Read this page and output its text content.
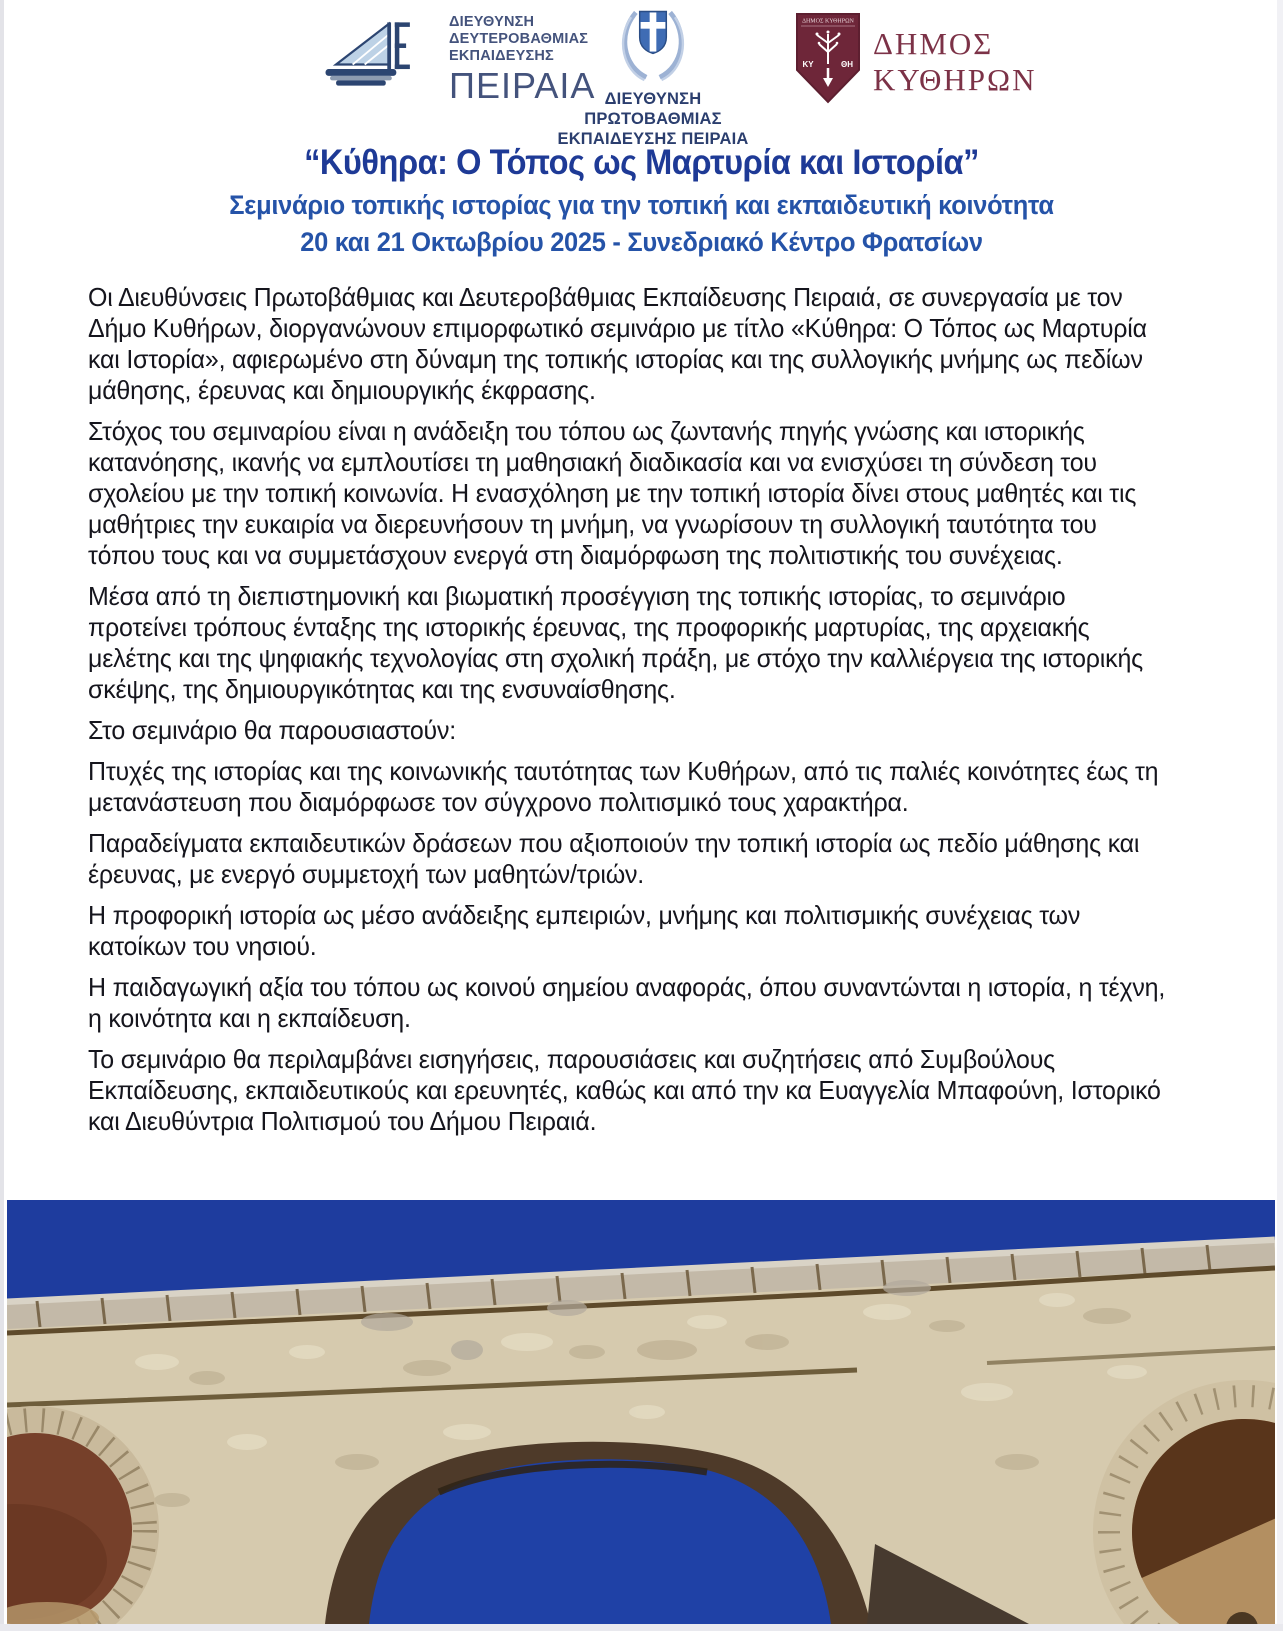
ΔΙΕΥΘΥΝΣΗ
ΔΕΥΤΕΡΟΒΑΘΜΙΑΣ
ΕΚΠΑΙΔΕΥΣΗΣ
ΠΕΙΡΑΙΑ ΔΙΕΥΘΥΝΣΗ ΠΡΩΤΟΒΑΘΜΙΑΣ
ΕΚΠΑΙΔΕΥΣΗΣ ΠΕΙΡΑΙΑ
ΔΗΜΟΣ ΚΥΘΗΡΩΝ
ΚΥ	ΘΗ
ΔΗΜΟΣ
ΚΥΘΗΡΩΝ
“Κύθηρα: Ο Τόπος ως Μαρτυρία και Ιστορία”

Σεμινάριο τοπικής ιστορίας για την τοπική και εκπαιδευτική κοινότητα

20 και 21 Οκτωβρίου 2025 - Συνεδριακό Κέντρο Φρατσίων

Οι Διευθύνσεις Πρωτοβάθμιας και Δευτεροβάθμιας Εκπαίδευσης Πειραιά, σε συνεργασία με τον Δήμο Κυθήρων, διοργανώνουν επιμορφωτικό σεμινάριο με τίτλο «Κύθηρα: Ο Τόπος ως Μαρτυρία και Ιστορία», αφιερωμένο στη δύναμη της τοπικής ιστορίας και της συλλογικής μνήμης ως πεδίων μάθησης, έρευνας και δημιουργικής έκφρασης.

Στόχος του σεμιναρίου είναι η ανάδειξη του τόπου ως ζωντανής πηγής γνώσης και ιστορικής κατανόησης, ικανής να εμπλουτίσει τη μαθησιακή διαδικασία και να ενισχύσει τη σύνδεση του σχολείου με την τοπική κοινωνία. Η ενασχόληση με την τοπική ιστορία δίνει στους μαθητές και τις μαθήτριες την ευκαιρία να διερευνήσουν τη μνήμη, να γνωρίσουν τη συλλογική ταυτότητα του τόπου τους και να συμμετάσχουν ενεργά στη διαμόρφωση της πολιτιστικής του συνέχειας.

Μέσα από τη διεπιστημονική και βιωματική προσέγγιση της τοπικής ιστορίας, το σεμινάριο προτείνει τρόπους ένταξης της ιστορικής έρευνας, της προφορικής μαρτυρίας, της αρχειακής μελέτης και της ψηφιακής τεχνολογίας στη σχολική πράξη, με στόχο την καλλιέργεια της ιστορικής σκέψης, της δημιουργικότητας και της ενσυναίσθησης.

Στο σεμινάριο θα παρουσιαστούν:

Πτυχές της ιστορίας και της κοινωνικής ταυτότητας των Κυθήρων, από τις παλιές κοινότητες έως τη μετανάστευση που διαμόρφωσε τον σύγχρονο πολιτισμικό τους χαρακτήρα.

Παραδείγματα εκπαιδευτικών δράσεων που αξιοποιούν την τοπική ιστορία ως πεδίο μάθησης και έρευνας, με ενεργό συμμετοχή των μαθητών/τριών.

Η προφορική ιστορία ως μέσο ανάδειξης εμπειριών, μνήμης και πολιτισμικής συνέχειας των κατοίκων του νησιού.

Η παιδαγωγική αξία του τόπου ως κοινού σημείου αναφοράς, όπου συναντώνται η ιστορία, η τέχνη, η κοινότητα και η εκπαίδευση.

Το σεμινάριο θα περιλαμβάνει εισηγήσεις, παρουσιάσεις και συζητήσεις από Συμβούλους Εκπαίδευσης, εκπαιδευτικούς και ερευνητές, καθώς και από την κα Ευαγγελία Μπαφούνη, Ιστορικό και Διευθύντρια Πολιτισμού του Δήμου Πειραιά.
